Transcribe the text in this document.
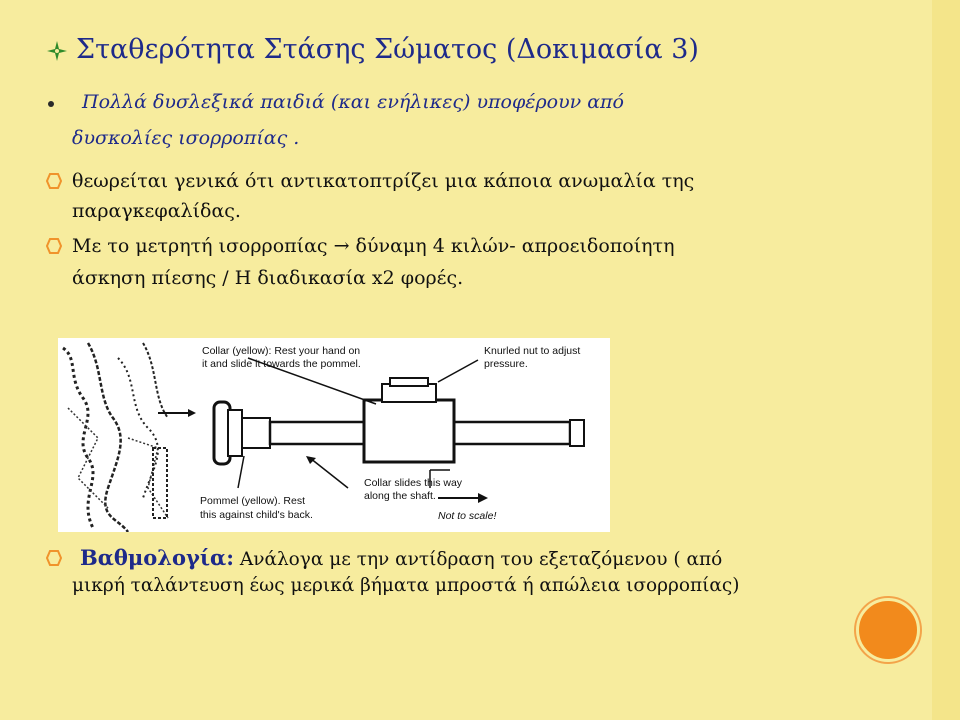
Σταθερότητα Στάσης Σώματος (Δοκιμασία 3)
Πολλά δυσλεξικά παιδιά (και ενήλικες) υποφέρουν από
δυσκολίες ισορροπίας .
θεωρείται γενικά ότι αντικατοπτρίζει μια κάποια ανωμαλία της
παραγκεφαλίδας.
Με το μετρητή ισορροπίας → δύναμη 4 κιλών- απροειδοποίητη
άσκηση πίεσης / Η διαδικασία x2 φορές.
Collar (yellow): Rest your hand on
it and slide it towards the pommel.
Knurled nut to adjust
pressure.
Collar slides this way
along the shaft.
Pommel (yellow). Rest
this against child's back.	Not to scale!
Βαθμολογία: Ανάλογα με την αντίδραση του εξεταζόμενου ( από
μικρή ταλάντευση έως μερικά βήματα μπροστά ή απώλεια ισορροπίας)
